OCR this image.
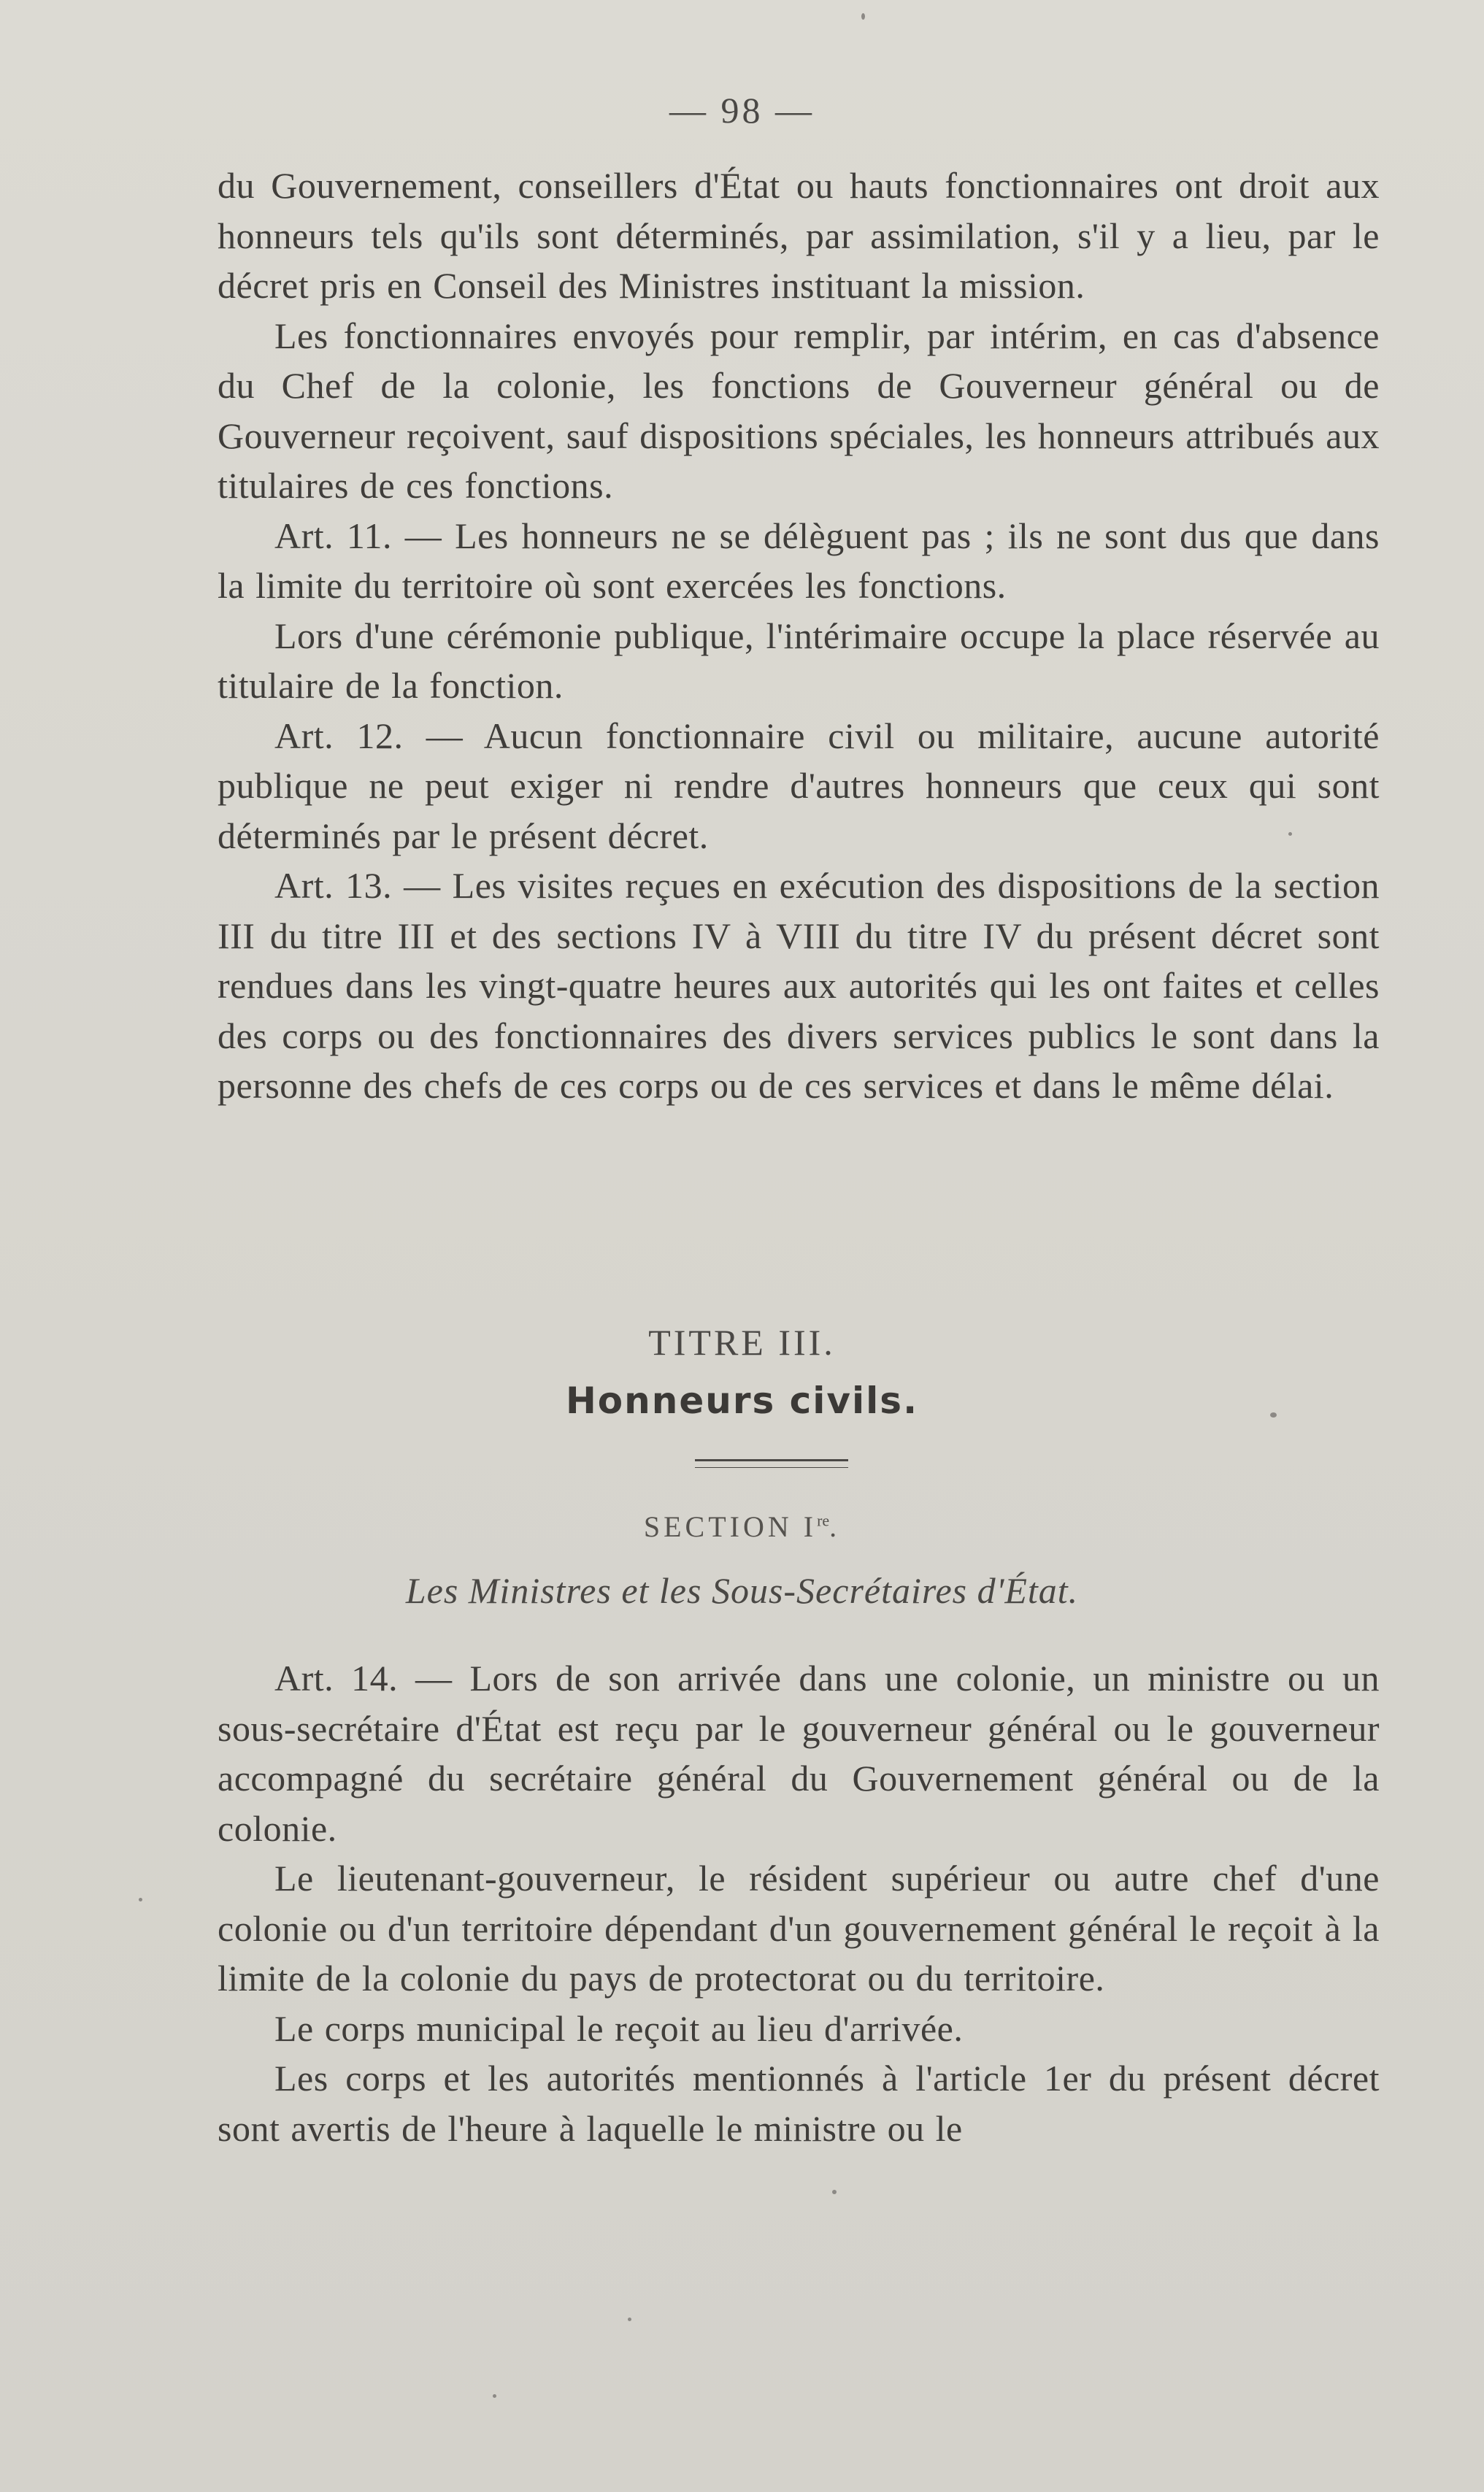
— 98 —

du Gouvernement, conseillers d'État ou hauts fonctionnaires ont droit aux honneurs tels qu'ils sont déterminés, par assimilation, s'il y a lieu, par le décret pris en Conseil des Ministres instituant la mission.

Les fonctionnaires envoyés pour remplir, par intérim, en cas d'absence du Chef de la colonie, les fonctions de Gouverneur général ou de Gouverneur reçoivent, sauf dispositions spéciales, les honneurs attribués aux titulaires de ces fonctions.

Art. 11. — Les honneurs ne se délèguent pas ; ils ne sont dus que dans la limite du territoire où sont exercées les fonctions.

Lors d'une cérémonie publique, l'intérimaire occupe la place réservée au titulaire de la fonction.

Art. 12. — Aucun fonctionnaire civil ou militaire, aucune autorité publique ne peut exiger ni rendre d'autres honneurs que ceux qui sont déterminés par le présent décret.

Art. 13. — Les visites reçues en exécution des dispositions de la section III du titre III et des sections IV à VIII du titre IV du présent décret sont rendues dans les vingt-quatre heures aux autorités qui les ont faites et celles des corps ou des fonctionnaires des divers services publics le sont dans la personne des chefs de ces corps ou de ces services et dans le même délai.

TITRE III.
Honneurs civils.
SECTION Ire.
Les Ministres et les Sous-Secrétaires d'État.

Art. 14. — Lors de son arrivée dans une colonie, un ministre ou un sous-secrétaire d'État est reçu par le gouverneur général ou le gouverneur accompagné du secrétaire général du Gouvernement général ou de la colonie.

Le lieutenant-gouverneur, le résident supérieur ou autre chef d'une colonie ou d'un territoire dépendant d'un gouvernement général le reçoit à la limite de la colonie du pays de protectorat ou du territoire.

Le corps municipal le reçoit au lieu d'arrivée.

Les corps et les autorités mentionnés à l'article 1er du présent décret sont avertis de l'heure à laquelle le ministre ou le
